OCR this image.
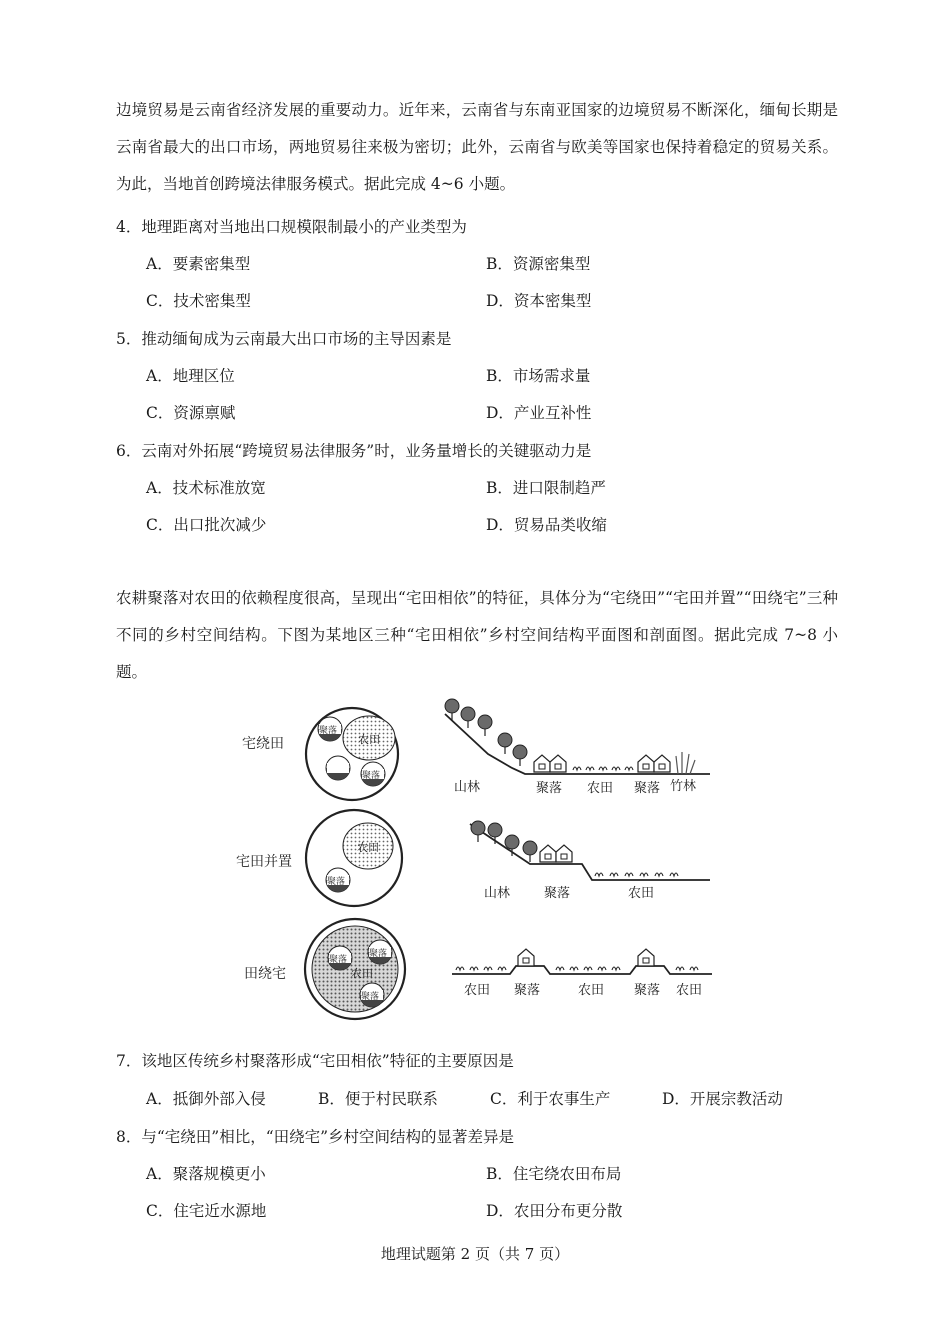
边境贸易是云南省经济发展的重要动力。近年来，云南省与东南亚国家的边境贸易不断深化，缅甸长期是云南省最大的出口市场，两地贸易往来极为密切；此外，云南省与欧美等国家也保持着稳定的贸易关系。为此，当地首创跨境法律服务模式。据此完成 4~6 小题。
4．地理距离对当地出口规模限制最小的产业类型为
A．要素密集型	B．资源密集型
C．技术密集型	D．资本密集型
5．推动缅甸成为云南最大出口市场的主导因素是
A．地理区位	B．市场需求量
C．资源禀赋	D．产业互补性
6．云南对外拓展“跨境贸易法律服务”时，业务量增长的关键驱动力是
A．技术标准放宽	B．进口限制趋严
C．出口批次减少	D．贸易品类收缩
农耕聚落对农田的依赖程度很高，呈现出“宅田相依”的特征，具体分为“宅绕田”“宅田并置”“田绕宅”三种不同的乡村空间结构。下图为某地区三种“宅田相依”乡村空间结构平面图和剖面图。据此完成 7~8 小题。
宅绕田	农田
聚落
聚落
山林	聚落 农田 聚落 竹林
宅田并置
农田
聚落
山林	聚落	农田
田绕宅	农田
聚落
聚落
聚落	农田 聚落	农田 聚落 农田
7．该地区传统乡村聚落形成“宅田相依”特征的主要原因是
A．抵御外部入侵	B．便于村民联系	C．利于农事生产	D．开展宗教活动
8．与“宅绕田”相比，“田绕宅”乡村空间结构的显著差异是
A．聚落规模更小	B．住宅绕农田布局
C．住宅近水源地	D．农田分布更分散
地理试题第 2 页（共 7 页）
